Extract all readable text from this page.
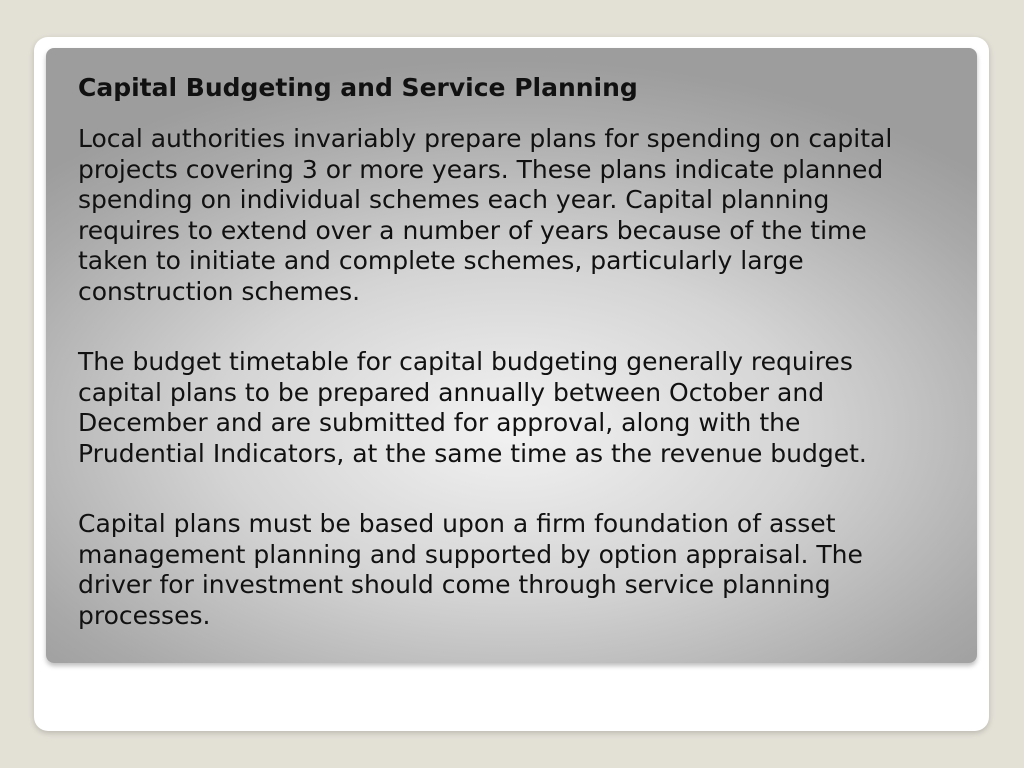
Capital Budgeting and Service Planning
Local authorities invariably prepare plans for spending on capital
projects covering 3 or more years. These plans indicate planned
spending on individual schemes each year. Capital planning
requires to extend over a number of years because of the time
taken to initiate and complete schemes, particularly large
construction schemes.
The budget timetable for capital budgeting generally requires
capital plans to be prepared annually between October and
December and are submitted for approval, along with the
Prudential Indicators, at the same time as the revenue budget.
Capital plans must be based upon a firm foundation of asset
management planning and supported by option appraisal. The
driver for investment should come through service planning
processes.
